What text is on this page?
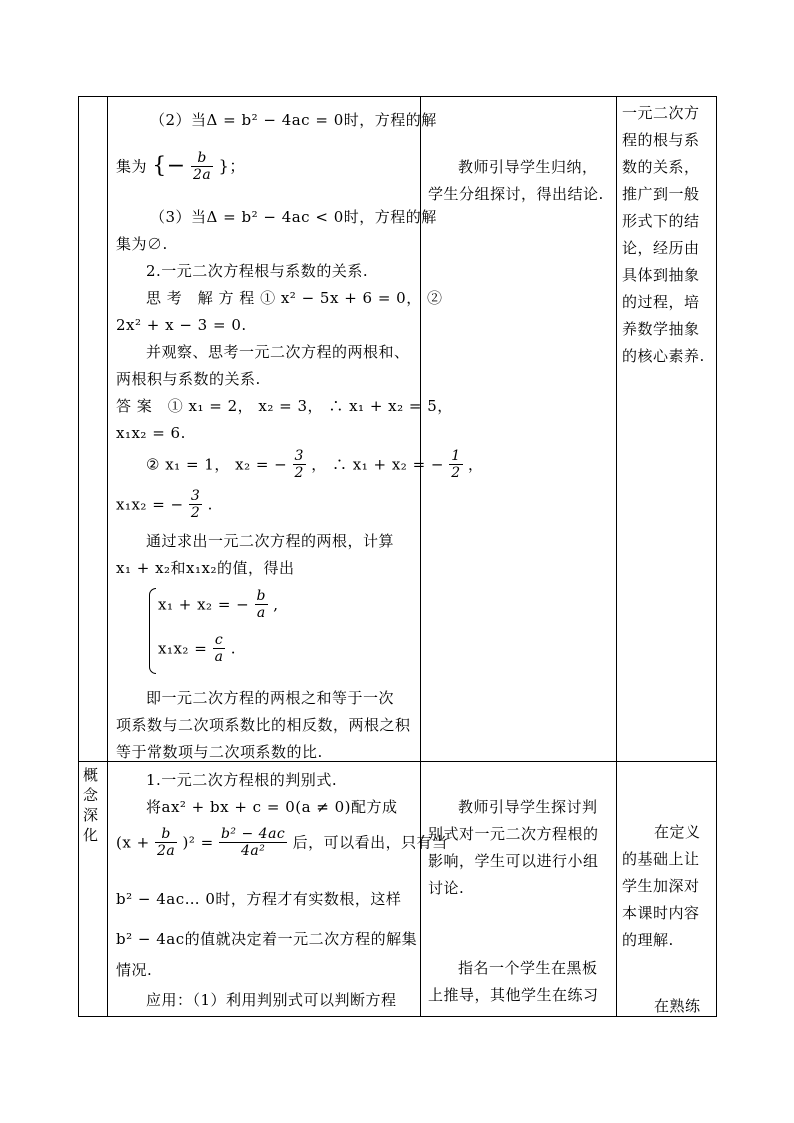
概念深化
（2）当Δ = b² − 4ac = 0时，方程的解
集为 {− $\frac{b}{2a}$ }；
（3）当Δ = b² − 4ac < 0时，方程的解
集为∅.
2.一元二次方程根与系数的关系.
思 考　解 方 程 ① x² − 5x + 6 = 0， ②
2x² + x − 3 = 0.
并观察、思考一元二次方程的两根和、
两根积与系数的关系.
答 案　① x₁ = 2， x₂ = 3， ∴ x₁ + x₂ = 5，
x₁x₂ = 6.
② x₁ = 1， x₂ = − $\frac{3}{2}$ ， ∴ x₁ + x₂ = − $\frac{1}{2}$ ，
x₁x₂ = − $\frac{3}{2}$ .
通过求出一元二次方程的两根，计算
x₁ + x₂和x₁x₂的值，得出
x₁ + x₂ = − $\frac{b}{a}$ ,
$x_1x_2 = \frac{c}{a}$ .
即一元二次方程的两根之和等于一次
项系数与二次项系数比的相反数，两根之积
等于常数项与二次项系数的比.
教师引导学生归纳，
学生分组探讨，得出结论.
一元二次方
程的根与系
数的关系，
推广到一般
形式下的结
论，经历由
具体到抽象
的过程，培
养数学抽象
的核心素养.
1.一元二次方程根的判别式.
将ax² + bx + c = 0(a ≠ 0)配方成
$(x + \frac{b}{2a} )^2 = \frac{\text{b² − 4ac}}{\text{4a²}}$ 后，可以看出，只有当
b² − 4ac… 0时，方程才有实数根，这样
b² − 4ac的值就决定着一元二次方程的解集
情况.
应用：（1）利用判别式可以判断方程
教师引导学生探讨判
别式对一元二次方程根的
影响，学生可以进行小组
讨论.
指名一个学生在黑板
上推导，其他学生在练习
在定义
的基础上让
学生加深对
本课时内容
的理解.
在熟练
